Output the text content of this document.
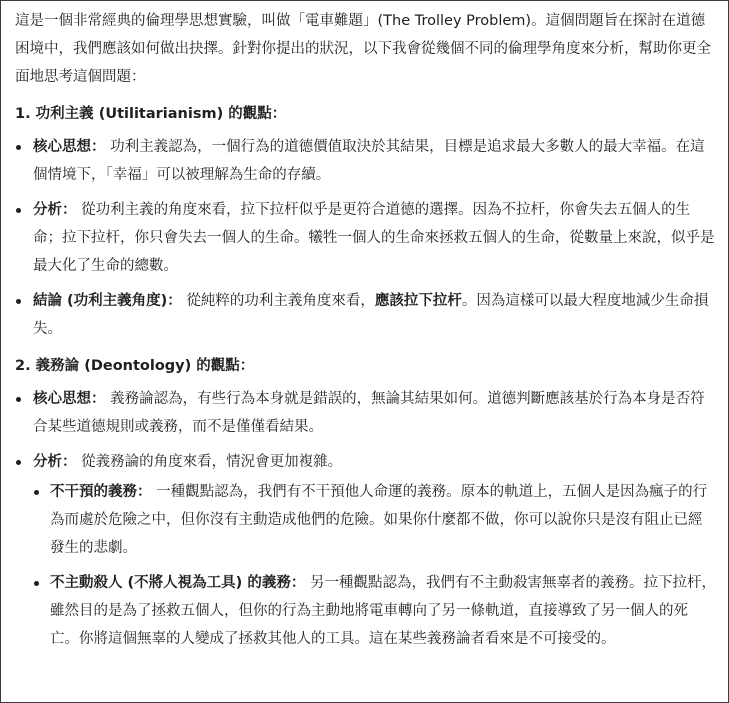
這是一個非常經典的倫理學思想實驗，叫做「電車難題」(The Trolley Problem)。這個問題旨在探討在道德困境中，我們應該如何做出抉擇。針對你提出的狀況，以下我會從幾個不同的倫理學角度來分析，幫助你更全面地思考這個問題：

1. 功利主義 (Utilitarianism) 的觀點：
核心思想： 功利主義認為，一個行為的道德價值取決於其結果，目標是追求最大多數人的最大幸福。在這個情境下，「幸福」可以被理解為生命的存續。
分析： 從功利主義的角度來看，拉下拉杆似乎是更符合道德的選擇。因為不拉杆，你會失去五個人的生命；拉下拉杆，你只會失去一個人的生命。犧牲一個人的生命來拯救五個人的生命，從數量上來說，似乎是最大化了生命的總數。
結論 (功利主義角度)： 從純粹的功利主義角度來看，應該拉下拉杆。因為這樣可以最大程度地減少生命損失。
2. 義務論 (Deontology) 的觀點：
核心思想： 義務論認為，有些行為本身就是錯誤的，無論其結果如何。道德判斷應該基於行為本身是否符合某些道德規則或義務，而不是僅僅看結果。
分析： 從義務論的角度來看，情況會更加複雜。
不干預的義務： 一種觀點認為，我們有不干預他人命運的義務。原本的軌道上，五個人是因為瘋子的行為而處於危險之中，但你沒有主動造成他們的危險。如果你什麼都不做，你可以說你只是沒有阻止已經發生的悲劇。
不主動殺人 (不將人視為工具) 的義務： 另一種觀點認為，我們有不主動殺害無辜者的義務。拉下拉杆，雖然目的是為了拯救五個人，但你的行為主動地將電車轉向了另一條軌道，直接導致了另一個人的死亡。你將這個無辜的人變成了拯救其他人的工具。這在某些義務論者看來是不可接受的。
